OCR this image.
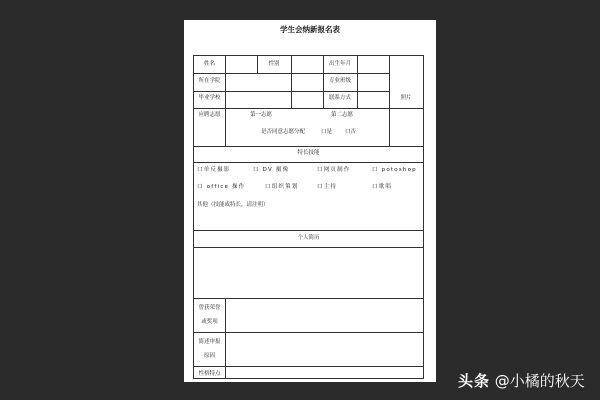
学生会纳新报名表
姓名	性别	出生年月
所在学院	专业班级
毕业学校	联系方式	照片
应聘志愿	第一志愿	第二志愿
是否同意志愿分配	口是 口否
特长技能
口单反摄影	口 DV 摄像	口网页制作	口 potoshop
口 office 操作	口组织策划	口主持	口歌唱
其他（技能或特长，请注明）
个人简历
曾获荣誉
或奖项
简述申报
原因
性格特点	头条 @小橘的秋天
